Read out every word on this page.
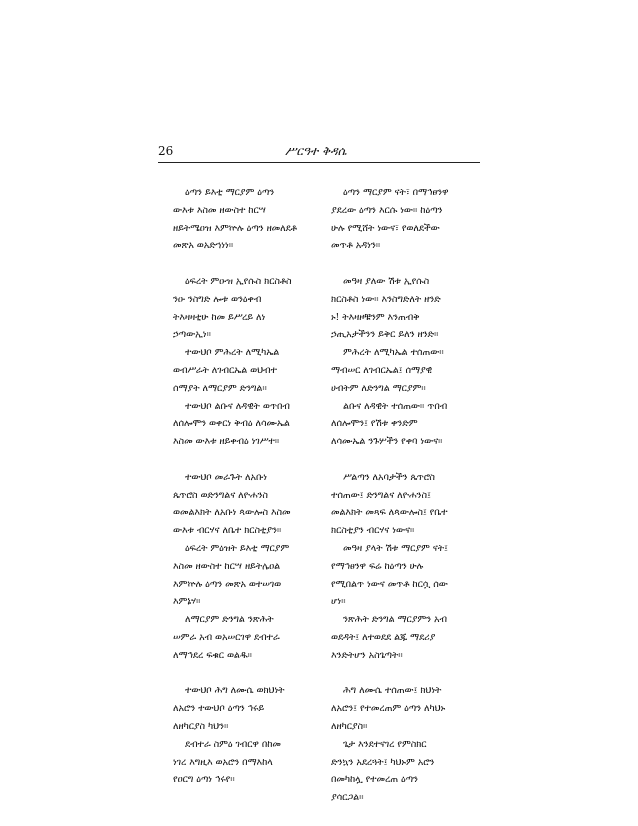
26	ሥርዓተ ቅዳሴ
ዕጣን ይእቲ ማርያም ዕጣን
ውእቱ እስመ ዘውስተ ከርሣ
ዘይትሜዐዝ እምኵሉ ዕጣን ዘመለደቶ
መጽአ ወአድኀነነ።
ዕፍረት ምዑዝ ኢየሱስ ክርስቶስ
ንዑ ንስግድ ሎቱ ወንዕቀብ
ትእዛዛቲሁ ከመ ይሥረይ ለነ
ኃጣውኢነ።
ተውህቦ ምሕረት ለሚካኤል
ወብሥራት ለገብርኤል ወህብተ
ሰማያት ለማርያም ድንግል።
ተውህቦ ልቡና ለዳዊት ወጥበብ
ለሰሎሞን ወቀርነ ቅብዕ ለሳሙኤል
እስመ ውእቱ ዘይቀብዕ ነገሥተ።
ተውህቦ መራጉት ለአቡነ
ጴጥሮስ ወድንግልና ለዮሐንስ
ወመልእክት ለአቡነ ጳውሎስ እስመ
ውእቱ ብርሃና ለቤተ ክርስቲያን።
ዕፍረት ምዕዝት ይእቲ ማርያም
እስመ ዘውስተ ከርሣ ዘይትሌዐል
እምኵሉ ዕጣን መጽአ ወተሠገወ
እምኔሃ።
ለማርያም ድንግል ንጽሕት
ሠምራ አብ ወአሠርገዋ ደብተራ
ለማኅደረ ፍቁር ወልዱ።
ተውህቦ ሕግ ለሙሴ ወክህነት
ለአሮን ተውህቦ ዕጣን ኅሩይ
ለዘካርያስ ካህን።
ደብተራ ስምዕ ገብርዋ በከመ
ነገረ እግዚእ ወአሮን በማእከላ
የዐርግ ዕጣነ ኅሩየ።
ዕጣን ማርያም ናት፣ በማኅፀንዋ
ያደረው ዕጣን እርሱ ነው። ከዕጣን
ሁሉ የሚሸት ነውና፣ የወለደችው
መጥቶ አዳነን።
መዓዛ ያለው ሽቱ ኢየሱስ
ክርስቶስ ነው። እንስግድለት ዘንድ
ኑ! ትእዛዞቹንም እንጠብቅ
ኃጢአታችንን ይቅር ይለን ዘንድ።
ምሕረት ለሚካኤል ተሰጠው።
ማብሠር ለገብርኤል፤ ሰማያዊ
ሀብትም ለድንግል ማርያም።
ልቡና ለዳዊት ተሰጠው። ጥበብ
ለሰሎሞን፤ የሽቱ ቀንድም
ለሳሙኤል ንጉሦችን የቀባ ነውና።
ሥልጣን ለአባታችን ጴጥሮስ
ተሰጠው፤ ድንግልና ለዮሐንስ፤
መልእክት መጻፍ ለጳውሎስ፤ የቤተ
ክርስቲያን ብርሃና ነውና።
መዓዛ ያላት ሽቱ ማርያም ናት፤
የማኅፀንዋ ፍሬ ከዕጣን ሁሉ
የሚበልጥ ነውና መጥቶ ከርሷ ሰው
ሆነ።
ንጽሕት ድንግል ማርያምን አብ
ወደዳት፤ ለተወደደ ልጁ ማደሪያ
እንድትሆን አስጌጣት።
ሕግ ለሙሴ ተሰጠው፤ ክህነት
ለአሮን፤ የተመረጠም ዕጣን ለካህኑ
ለዘካርያስ።
ጌታ እንደተናገረ የምስክር
ድንኳን አደረጓት፤ ካህኑም አሮን
በመካከሏ የተመረጠ ዕጣን
ያሳርጋል።
